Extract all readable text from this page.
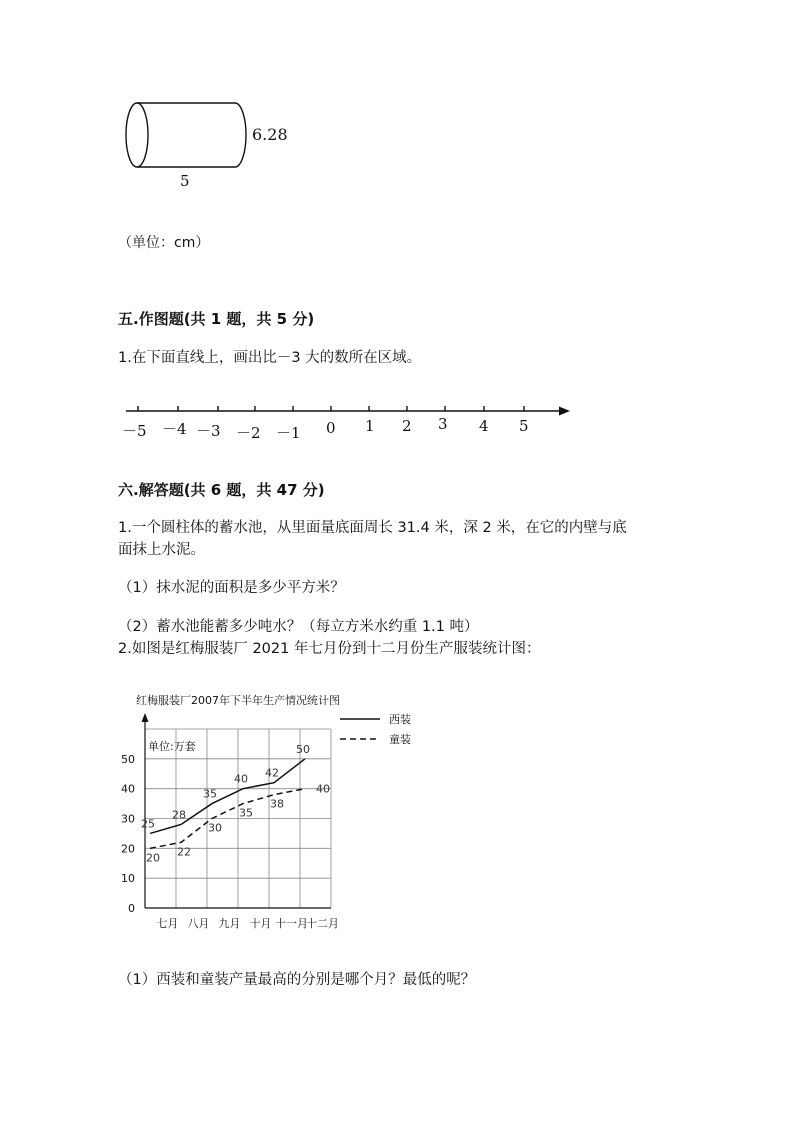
6.28
5
（单位：cm）
五.作图题(共 1 题，共 5 分)
1.在下面直线上，画出比－3 大的数所在区域。
－5 －4 －3 －2 －1 0 1 2 3 4 5
六.解答题(共 6 题，共 47 分)
1.一个圆柱体的蓄水池，从里面量底面周长 31.4 米，深 2 米，在它的内壁与底
面抹上水泥。
（1）抹水泥的面积是多少平方米？
（2）蓄水池能蓄多少吨水？（每立方米水约重 1.1 吨）
2.如图是红梅服装厂 2021 年七月份到十二月份生产服装统计图：
红梅服装厂2007年下半年生产情况统计图
单位:万套
0
10
20
30
40
50
七月 八月 九月 十月 十一月
十二月
25
28
35
40 42
50
20 22
30
35
38
40
西装
童装
（1）西装和童装产量最高的分别是哪个月？最低的呢？
